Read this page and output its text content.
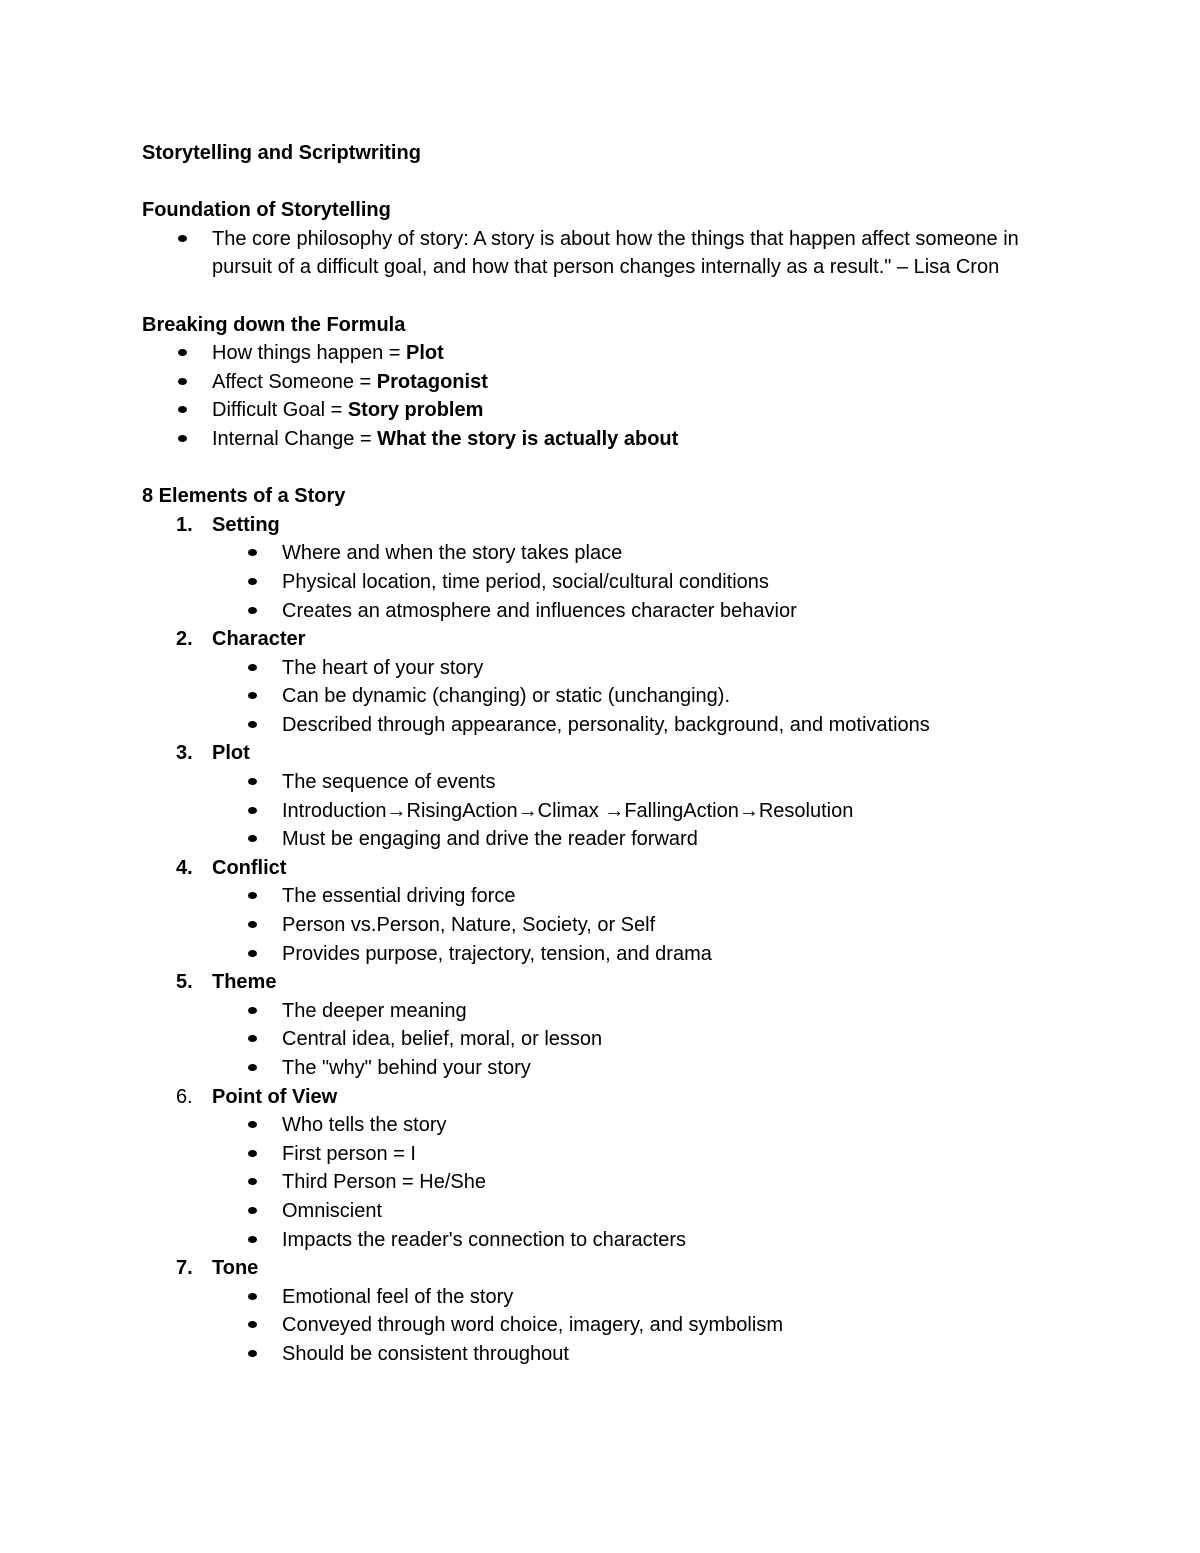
Storytelling and Scriptwriting
Foundation of Storytelling
The core philosophy of story: A story is about how the things that happen affect someone in pursuit of a difficult goal, and how that person changes internally as a result." – Lisa Cron
Breaking down the Formula
How things happen = Plot
Affect Someone = Protagonist
Difficult Goal = Story problem
Internal Change = What the story is actually about
8 Elements of a Story
1. Setting
Where and when the story takes place
Physical location, time period, social/cultural conditions
Creates an atmosphere and influences character behavior
2. Character
The heart of your story
Can be dynamic (changing) or static (unchanging).
Described through appearance, personality, background, and motivations
3. Plot
The sequence of events
Introduction→RisingAction→Climax →FallingAction→Resolution
Must be engaging and drive the reader forward
4. Conflict
The essential driving force
Person vs.Person, Nature, Society, or Self
Provides purpose, trajectory, tension, and drama
5. Theme
The deeper meaning
Central idea, belief, moral, or lesson
The "why" behind your story
6. Point of View
Who tells the story
First person = I
Third Person = He/She
Omniscient
Impacts the reader's connection to characters
7. Tone
Emotional feel of the story
Conveyed through word choice, imagery, and symbolism
Should be consistent throughout
